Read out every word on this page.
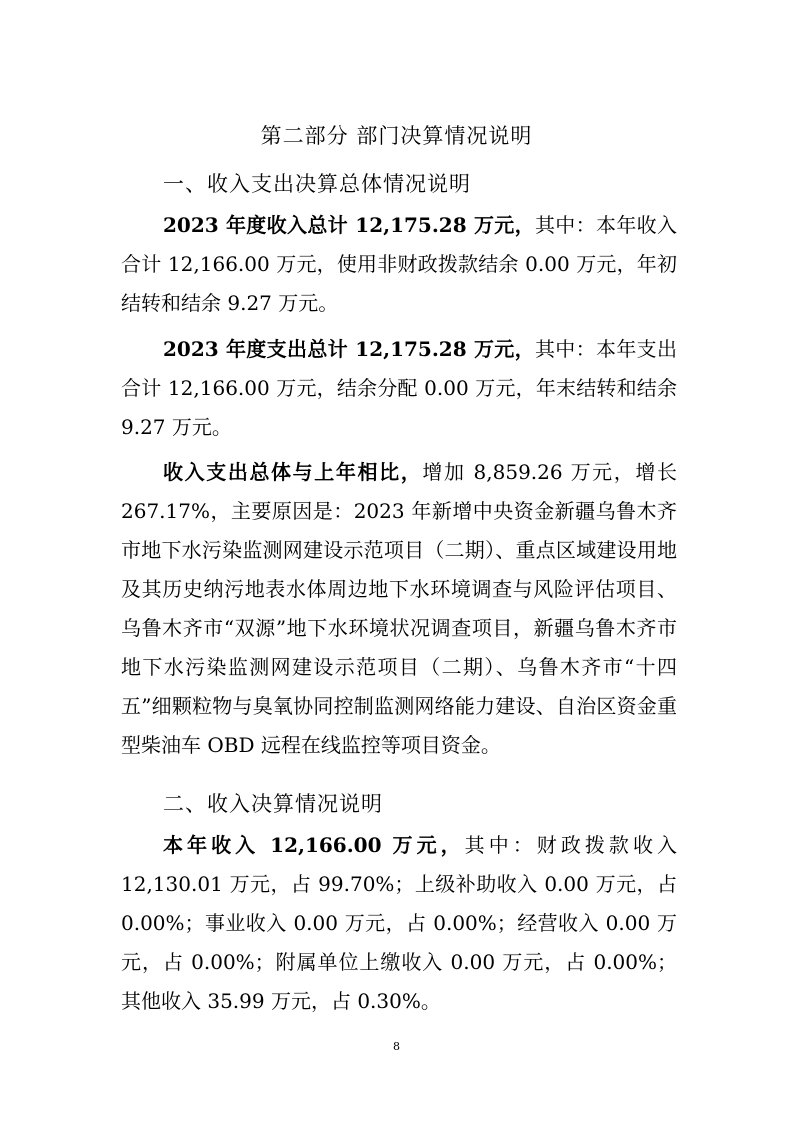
第二部分 部门决算情况说明
一、收入支出决算总体情况说明

2023 年度收入总计 12,175.28 万元，其中：本年收入合计 12,166.00 万元，使用非财政拨款结余 0.00 万元，年初结转和结余 9.27 万元。

2023 年度支出总计 12,175.28 万元，其中：本年支出合计 12,166.00 万元，结余分配 0.00 万元，年末结转和结余 9.27 万元。

收入支出总体与上年相比，增加 8,859.26 万元，增长 267.17%，主要原因是：2023 年新增中央资金新疆乌鲁木齐市地下水污染监测网建设示范项目（二期）、重点区域建设用地及其历史纳污地表水体周边地下水环境调查与风险评估项目、乌鲁木齐市“双源”地下水环境状况调查项目，新疆乌鲁木齐市地下水污染监测网建设示范项目（二期）、乌鲁木齐市“十四五”细颗粒物与臭氧协同控制监测网络能力建设、自治区资金重型柴油车 OBD 远程在线监控等项目资金。

二、收入决算情况说明

本年收入 12,166.00 万元，其中：财政拨款收入 12,130.01 万元，占 99.70%；上级补助收入 0.00 万元，占 0.00%；事业收入 0.00 万元，占 0.00%；经营收入 0.00 万元，占 0.00%；附属单位上缴收入 0.00 万元，占 0.00%；其他收入 35.99 万元，占 0.30%。

8
